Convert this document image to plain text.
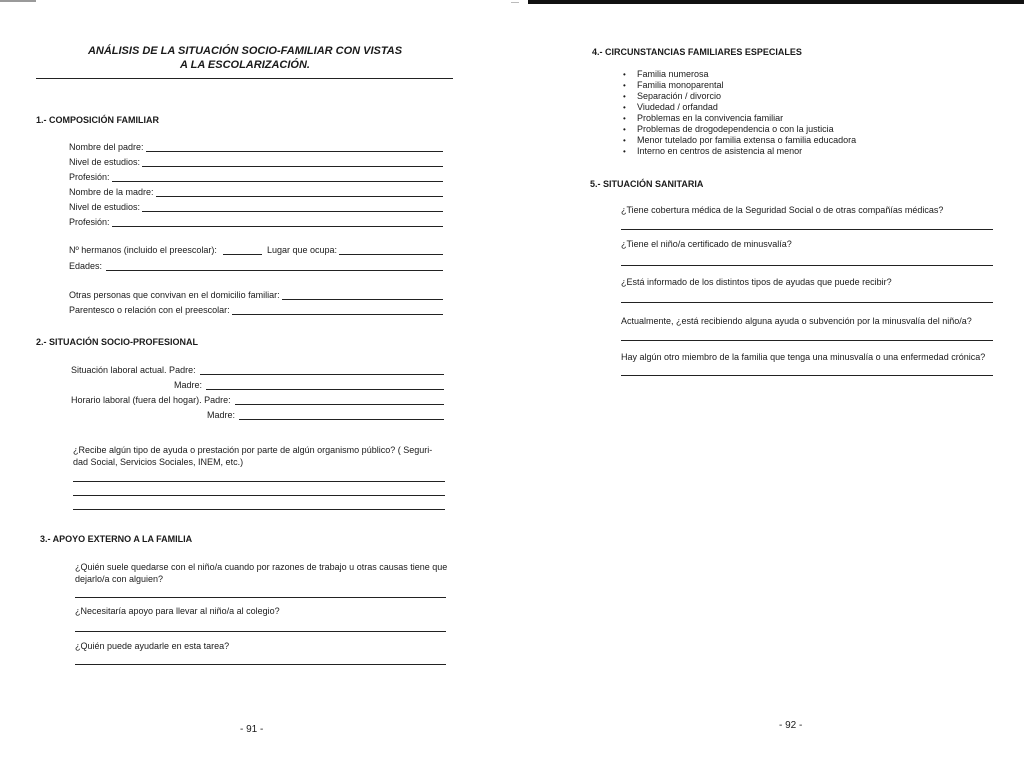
ANÁLISIS DE LA SITUACIÓN SOCIO-FAMILIAR CON VISTAS
A LA ESCOLARIZACIÓN.
1.- COMPOSICIÓN FAMILIAR
Nombre del padre:
Nivel de estudios:
Profesión:
Nombre de la madre:
Nivel de estudios:
Profesión:
Nº hermanos (incluido el preescolar):	Lugar que ocupa:
Edades:
Otras personas que convivan en el domicilio familiar:
Parentesco o relación con el preescolar:
2.- SITUACIÓN SOCIO-PROFESIONAL
Situación laboral actual. Padre:
Madre:
Horario laboral (fuera del hogar). Padre:
Madre:
¿Recibe algún tipo de ayuda o prestación por parte de algún organismo público? ( Seguri-
dad Social, Servicios Sociales, INEM, etc.)
3.- APOYO EXTERNO A LA FAMILIA
¿Quién suele quedarse con el niño/a cuando por razones de trabajo u otras causas tiene que
dejarlo/a con alguien?
¿Necesitaría apoyo para llevar al niño/a al colegio?
¿Quién puede ayudarle en esta tarea?
- 91 -
4.- CIRCUNSTANCIAS FAMILIARES ESPECIALES
• Familia numerosa
• Familia monoparental
• Separación / divorcio
• Viudedad / orfandad
• Problemas en la convivencia familiar
• Problemas de drogodependencia o con la justicia
• Menor tutelado por familia extensa o familia educadora
• Interno en centros de asistencia al menor
5.- SITUACIÓN SANITARIA
¿Tiene cobertura médica de la Seguridad Social o de otras compañías médicas?
¿Tiene el niño/a certificado de minusvalía?
¿Está informado de los distintos tipos de ayudas que puede recibir?
Actualmente, ¿está recibiendo alguna ayuda o subvención por la minusvalía del niño/a?
Hay algún otro miembro de la familia que tenga una minusvalía o una enfermedad crónica?
- 92 -
